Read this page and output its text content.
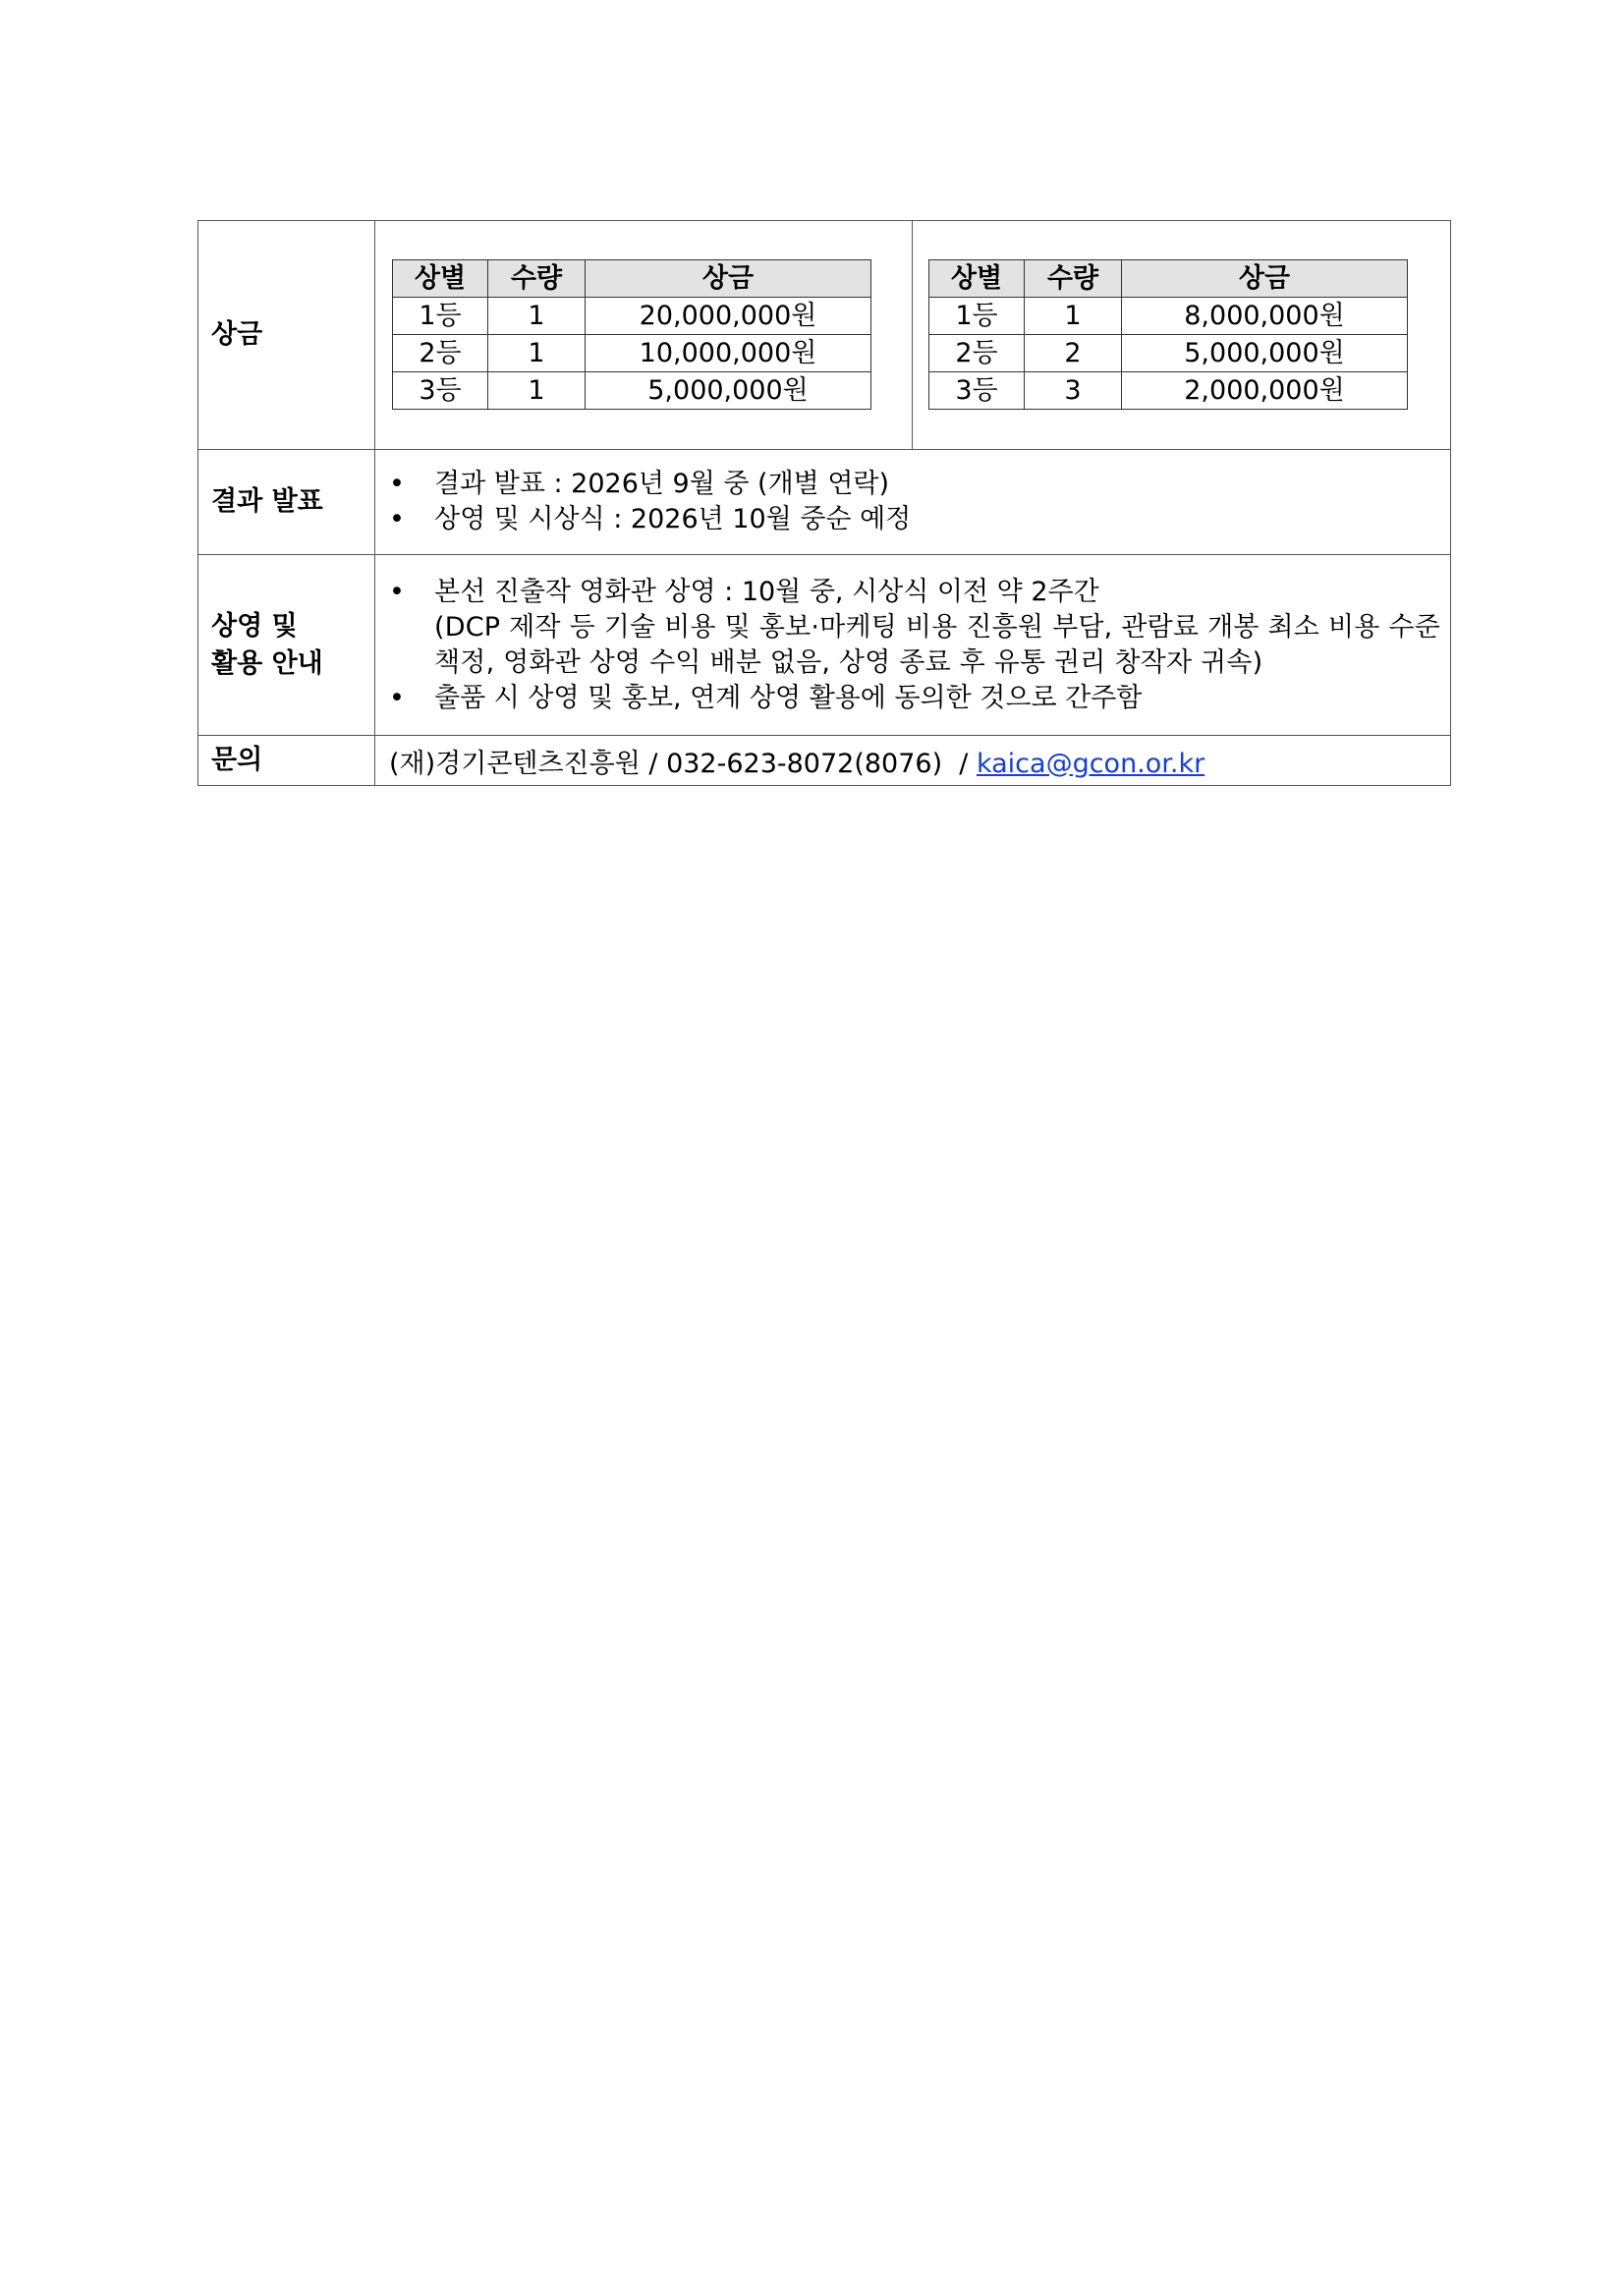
상금	
상별	수량	상금
1등	1	20,000,000원
2등	1	10,000,000원
3등	1	5,000,000원
상별	수량	상금
1등	1	8,000,000원
2등	2	5,000,000원
3등	3	2,000,000원

결과 발표	
• 결과 발표 : 2026년 9월 중 (개별 연락)
• 상영 및 시상식 : 2026년 10월 중순 예정

상영 및
활용 안내	
• 본선 진출작 영화관 상영 : 10월 중, 시상식 이전 약 2주간
(DCP 제작 등 기술 비용 및 홍보·마케팅 비용 진흥원 부담, 관람료 개봉 최소 비용 수준 책정, 영화관 상영 수익 배분 없음, 상영 종료 후 유통 권리 창작자 귀속)
• 출품 시 상영 및 홍보, 연계 상영 활용에 동의한 것으로 간주함

문의	(재)경기콘텐츠진흥원 / 032-623-8072(8076)  / kaica@gcon.or.kr
